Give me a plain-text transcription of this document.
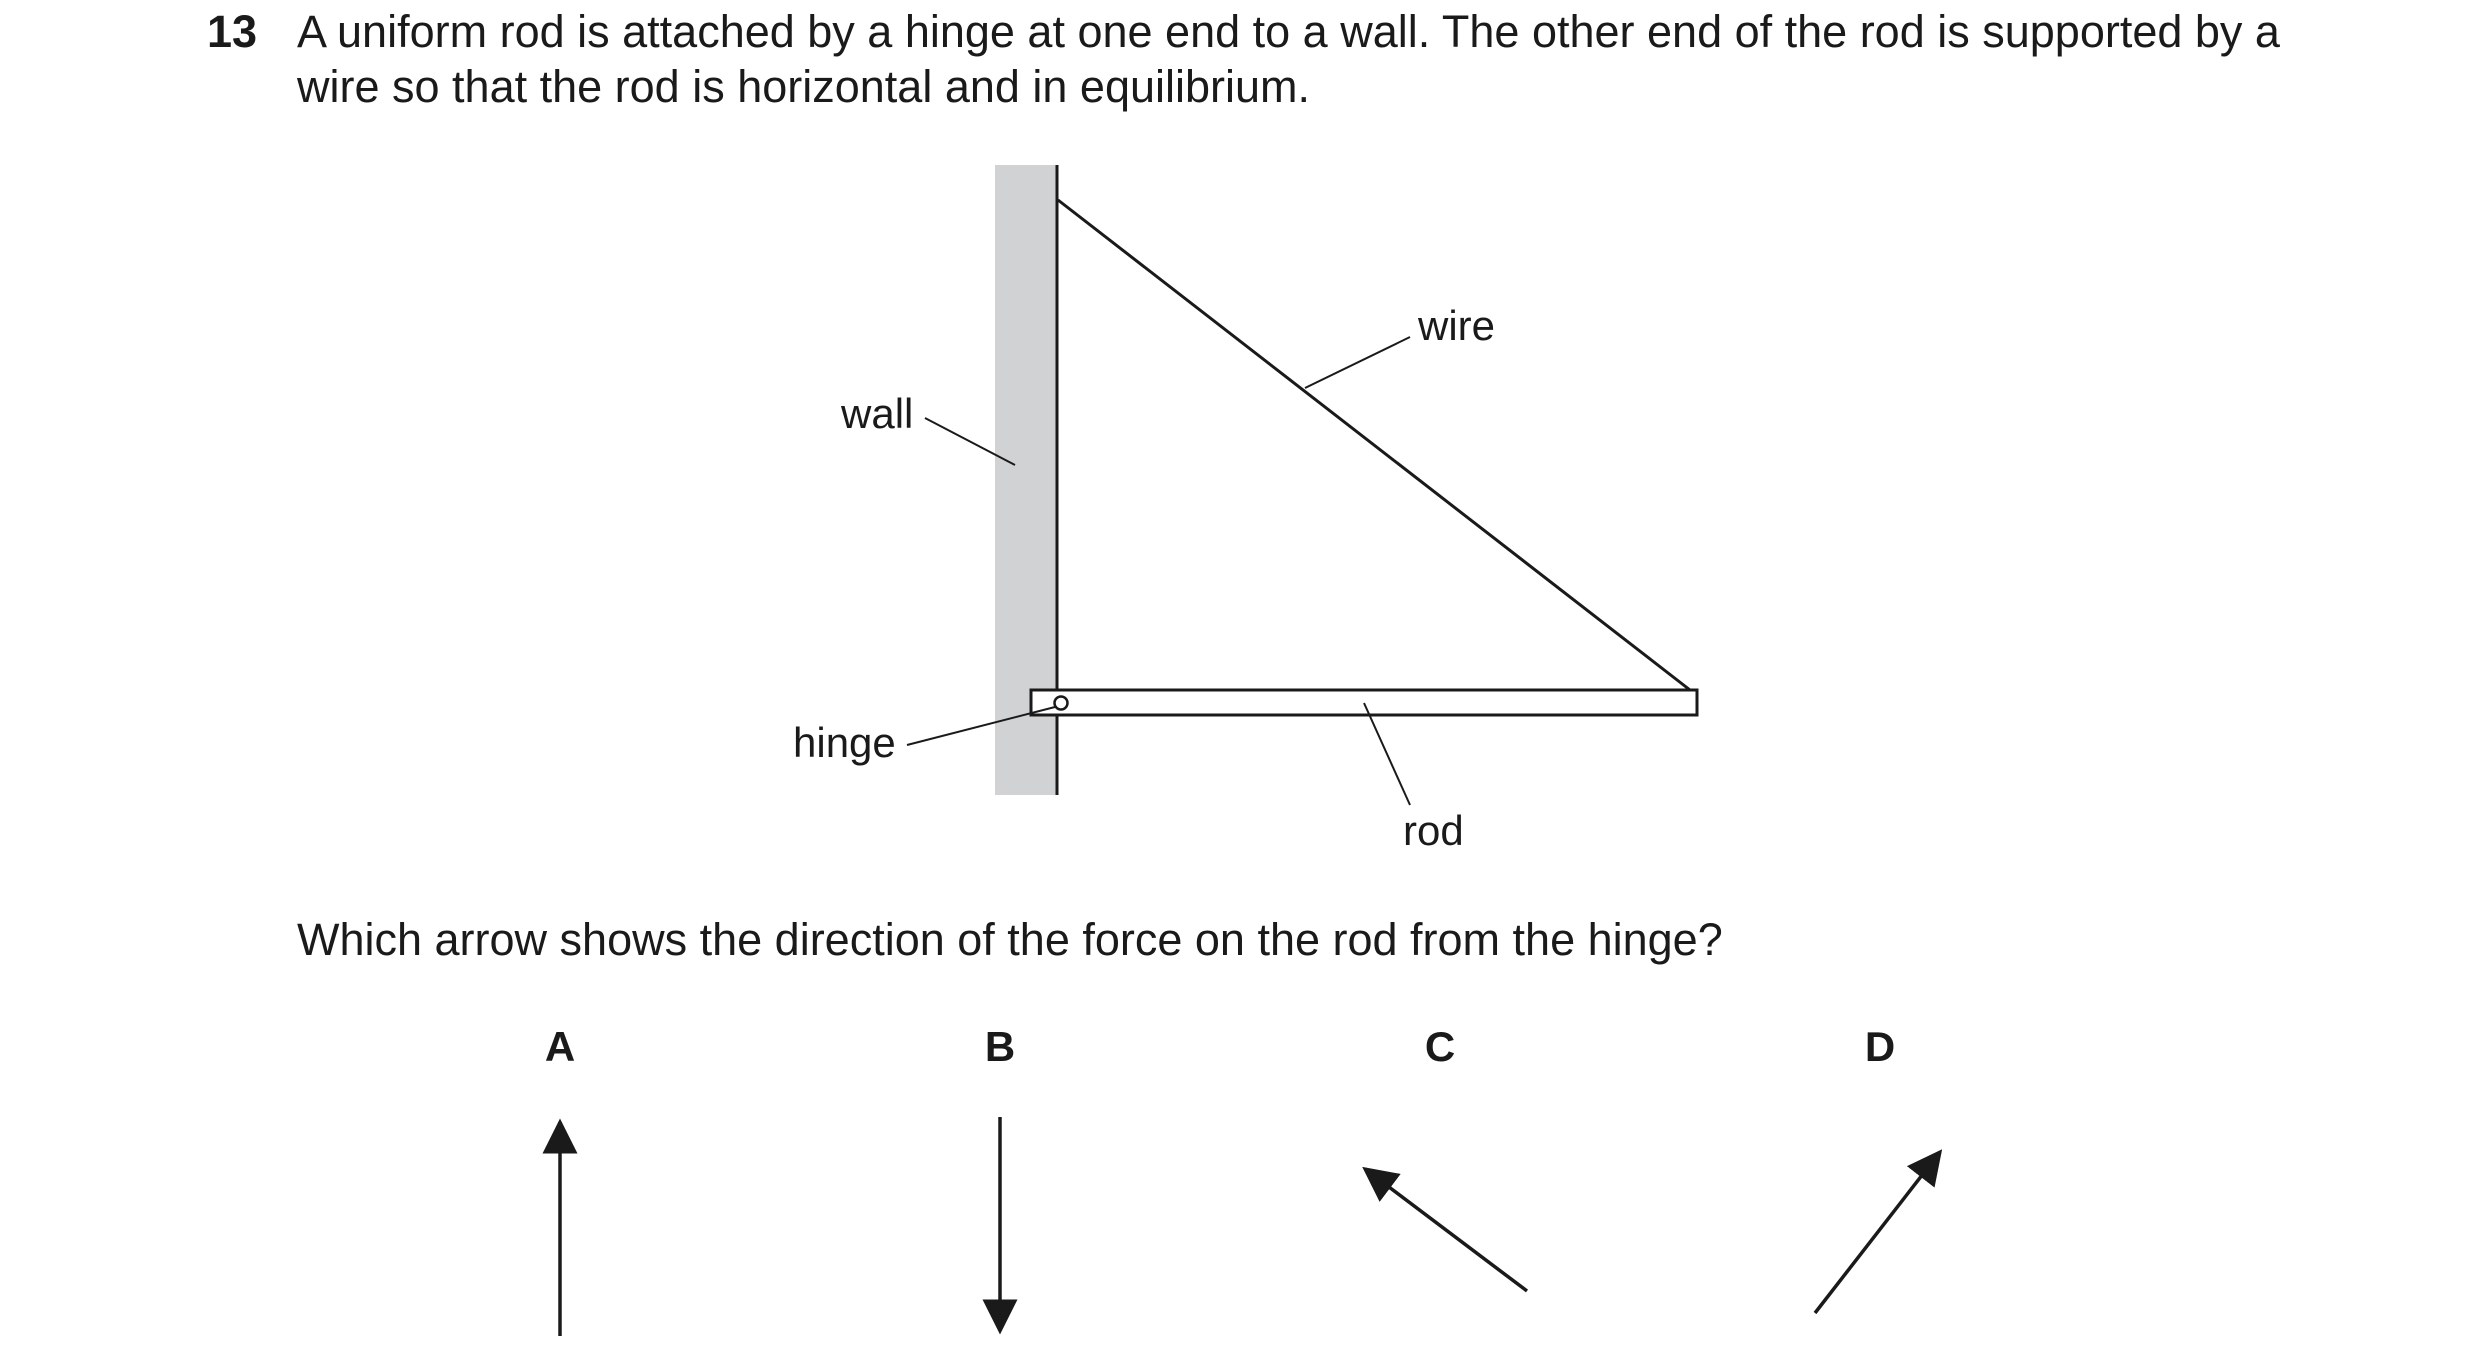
13 A uniform rod is attached by a hinge at one end to a wall. The other end of the rod is supported by a wire so that the rod is horizontal and in equilibrium.
wall
wire
hinge
rod
A	B	C	D
Which arrow shows the direction of the force on the rod from the hinge?
